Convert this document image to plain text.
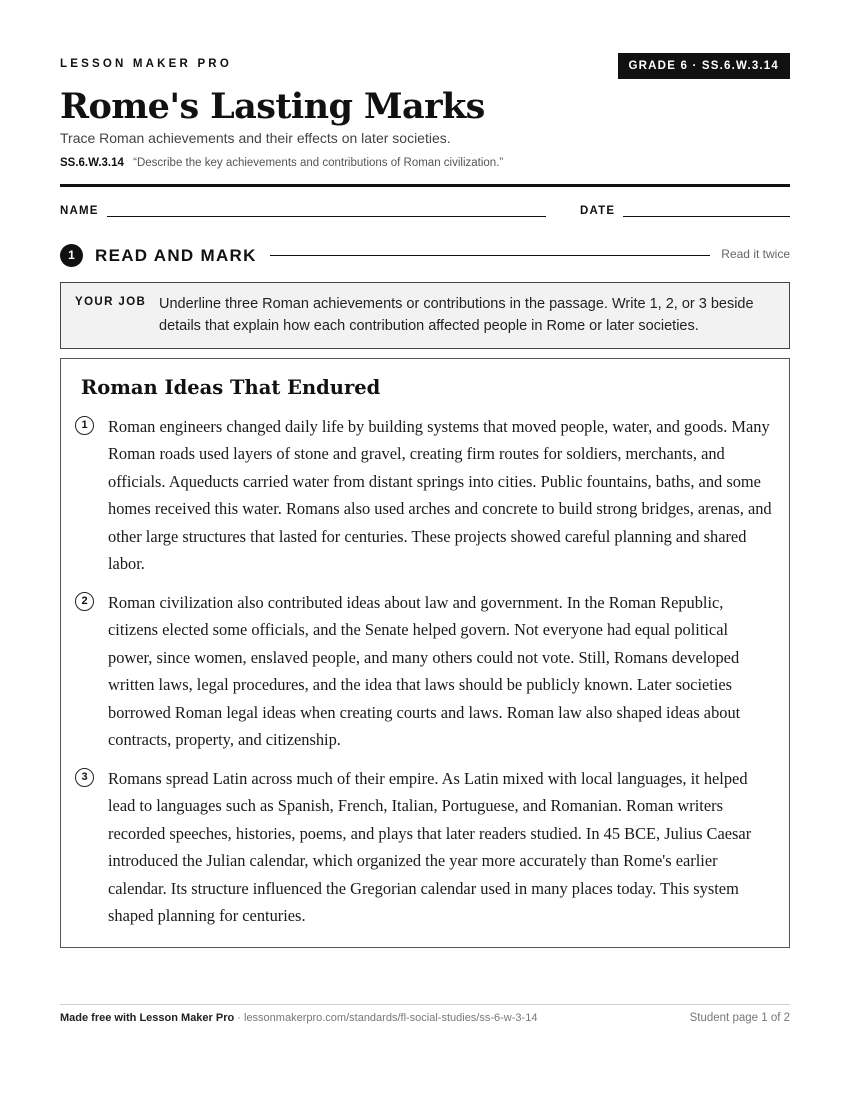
LESSON MAKER PRO	GRADE 6 · SS.6.W.3.14
Rome's Lasting Marks
Trace Roman achievements and their effects on later societies.
SS.6.W.3.14 “Describe the key achievements and contributions of Roman civilization.”
NAME	DATE
1	READ AND MARK	Read it twice
YOUR JOB Underline three Roman achievements or contributions in the passage. Write 1, 2, or 3 beside details that explain how each contribution affected people in Rome or later societies.
Roman Ideas That Endured
1	Roman engineers changed daily life by building systems that moved people, water, and goods. Many Roman roads used layers of stone and gravel, creating firm routes for soldiers, merchants, and officials. Aqueducts carried water from distant springs into cities. Public fountains, baths, and some homes received this water. Romans also used arches and concrete to build strong bridges, arenas, and other large structures that lasted for centuries. These projects showed careful planning and shared labor.

2	Roman civilization also contributed ideas about law and government. In the Roman Republic, citizens elected some officials, and the Senate helped govern. Not everyone had equal political power, since women, enslaved people, and many others could not vote. Still, Romans developed written laws, legal procedures, and the idea that laws should be publicly known. Later societies borrowed Roman legal ideas when creating courts and laws. Roman law also shaped ideas about contracts, property, and citizenship.

3	Romans spread Latin across much of their empire. As Latin mixed with local languages, it helped lead to languages such as Spanish, French, Italian, Portuguese, and Romanian. Roman writers recorded speeches, histories, poems, and plays that later readers studied. In 45 BCE, Julius Caesar introduced the Julian calendar, which organized the year more accurately than Rome's earlier calendar. Its structure influenced the Gregorian calendar used in many places today. This system shaped planning for centuries.

Made free with Lesson Maker Pro · lessonmakerpro.com/standards/fl-social-studies/ss-6-w-3-14	Student page 1 of 2
